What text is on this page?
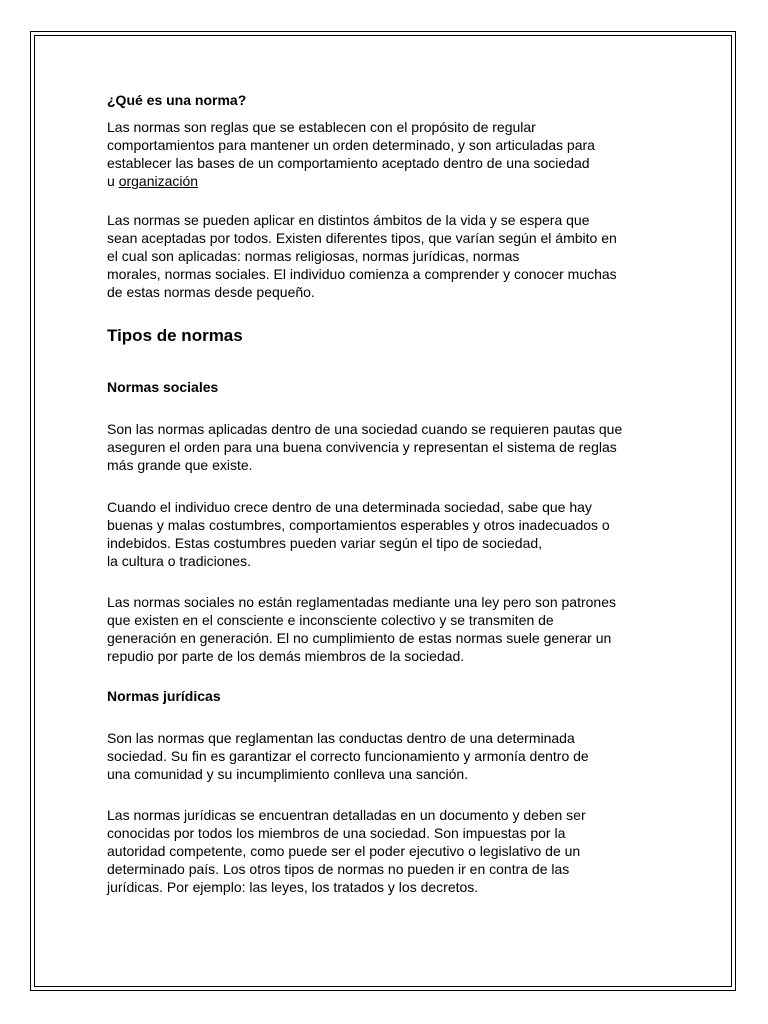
¿Qué es una norma?
Las normas son reglas que se establecen con el propósito de regular
comportamientos para mantener un orden determinado, y son articuladas para
establecer las bases de un comportamiento aceptado dentro de una sociedad
u organización
Las normas se pueden aplicar en distintos ámbitos de la vida y se espera que
sean aceptadas por todos. Existen diferentes tipos, que varían según el ámbito en
el cual son aplicadas: normas religiosas, normas jurídicas, normas
morales, normas sociales. El individuo comienza a comprender y conocer muchas
de estas normas desde pequeño.
Tipos de normas
Normas sociales
Son las normas aplicadas dentro de una sociedad cuando se requieren pautas que
aseguren el orden para una buena convivencia y representan el sistema de reglas
más grande que existe.
Cuando el individuo crece dentro de una determinada sociedad, sabe que hay
buenas y malas costumbres, comportamientos esperables y otros inadecuados o
indebidos. Estas costumbres pueden variar según el tipo de sociedad,
la cultura o tradiciones.
Las normas sociales no están reglamentadas mediante una ley pero son patrones
que existen en el consciente e inconsciente colectivo y se transmiten de
generación en generación. El no cumplimiento de estas normas suele generar un
repudio por parte de los demás miembros de la sociedad.
Normas jurídicas
Son las normas que reglamentan las conductas dentro de una determinada
sociedad. Su fin es garantizar el correcto funcionamiento y armonía dentro de
una comunidad y su incumplimiento conlleva una sanción.
Las normas jurídicas se encuentran detalladas en un documento y deben ser
conocidas por todos los miembros de una sociedad. Son impuestas por la
autoridad competente, como puede ser el poder ejecutivo o legislativo de un
determinado país. Los otros tipos de normas no pueden ir en contra de las
jurídicas. Por ejemplo: las leyes, los tratados y los decretos.
